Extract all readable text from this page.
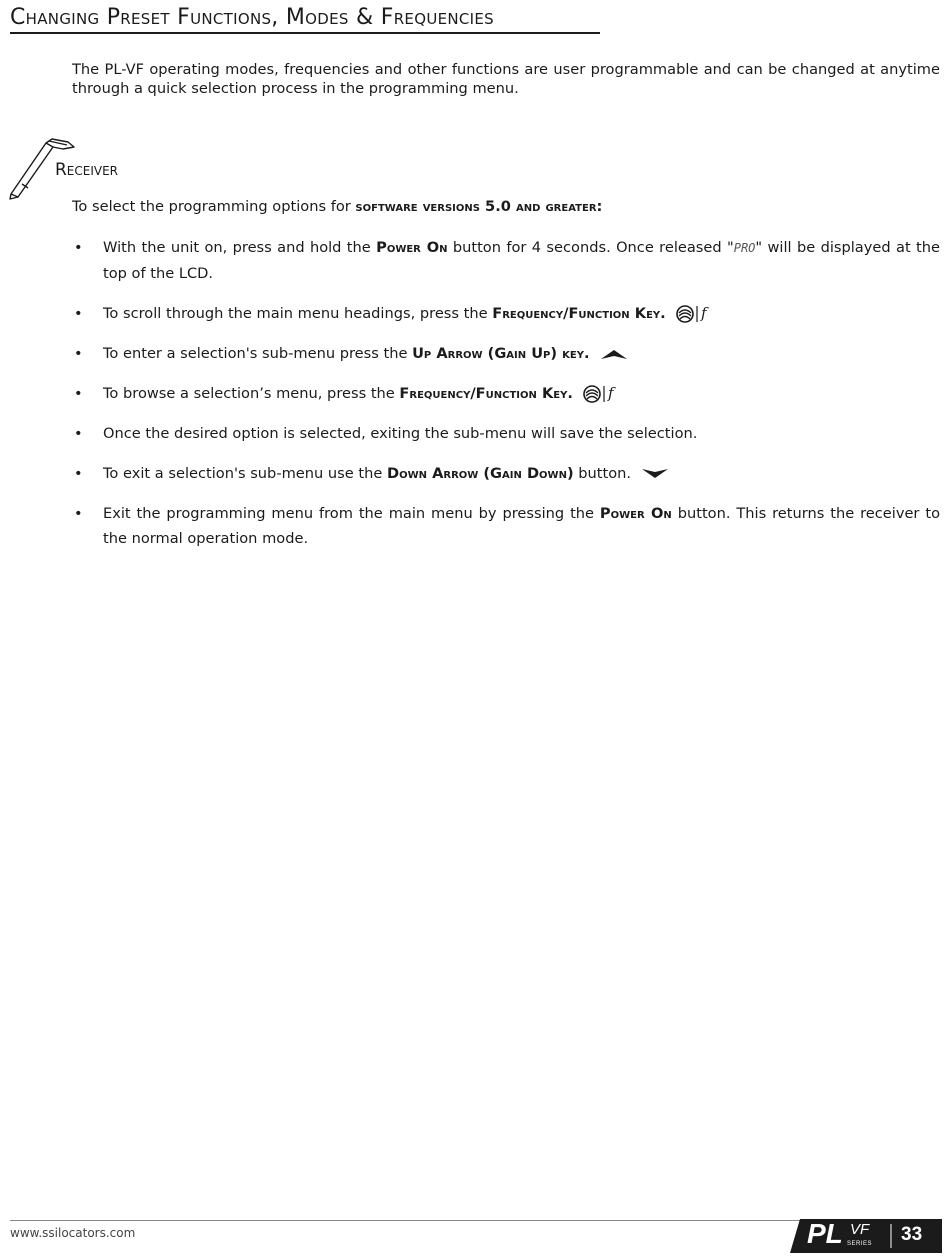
Changing Preset Functions, Modes & Frequencies

The PL-VF operating modes, frequencies and other functions are user programmable and can be changed at anytime through a quick selection process in the programming menu.

Receiver

To select the programming options for software versions 5.0 and greater:

• With the unit on, press and hold the Power On button for 4 seconds. Once released "PRO" will be displayed at the top of the LCD.
• To scroll through the main menu headings, press the Frequency/Function Key. f
• To enter a selection's sub-menu press the Up Arrow (Gain Up) key.
• To browse a selection’s menu, press the Frequency/Function Key. f
• Once the desired option is selected, exiting the sub-menu will save the selection.
• To exit a selection's sub-menu use the Down Arrow (Gain Down) button.
• Exit the programming menu from the main menu by pressing the Power On button. This returns the receiver to the normal operation mode.
www.ssilocators.com	PL VF
SERIES 33
